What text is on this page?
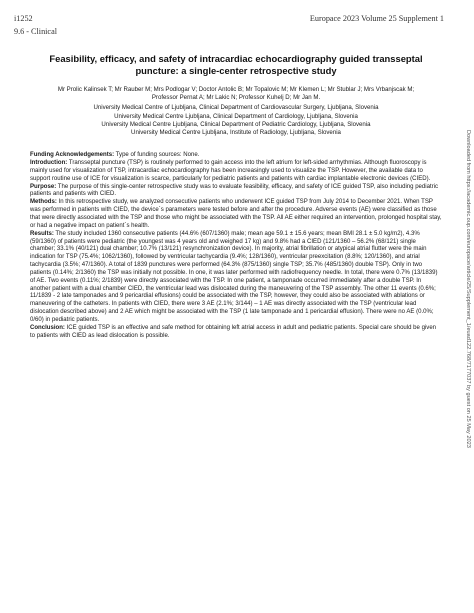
i1252	Europace 2023 Volume 25 Supplement 1
9.6 - Clinical
Feasibility, efficacy, and safety of intracardiac echocardiography guided transseptal
puncture: a single-center retrospective study
Mr Prolic Kalinsek T; Mr Rauber M; Mrs Podlogar V; Doctor Antolic B; Mr Topalovic M; Mr Klemen L; Mr Stublar J; Mrs Vrbanjscak M;
Professor Pernat A; Mr Lakic N; Professor Kuhelj D; Mr Jan M.
University Medical Centre of Ljubljana, Clinical Department of Cardiovascular Surgery, Ljubljana, Slovenia
University Medical Centre Ljubljana, Clinical Department of Cardiology, Ljubljana, Slovenia
University Medical Centre Ljubljana, Clinical Department of Pediatric Cardiology, Ljubljana, Slovenia
University Medical Centre Ljubljana, Institute of Radiology, Ljubljana, Slovenia

Funding Acknowledgements: Type of funding sources: None.

Introduction: Transseptal puncture (TSP) is routinely performed to gain access into the left atrium for left-sided arrhythmias. Although fluoroscopy is mainly used for visualization of TSP, intracardiac echocardiography has been increasingly used to visualize the TSP. However, the available data to support routine use of ICE for visualization is scarce, particularly for pediatric patients and patients with cardiac implantable electronic devices (CIED).

Purpose: The purpose of this single-center retrospective study was to evaluate feasibility, efficacy, and safety of ICE guided TSP, also including pediatric patients and patients with CIED.

Methods: In this retrospective study, we analyzed consecutive patients who underwent ICE guided TSP from July 2014 to December 2021. When TSP was performed in patients with CIED, the device´s parameters were tested before and after the procedure. Adverse events (AE) were classified as those that were directly associated with the TSP and those who might be associated with the TSP. All AE either required an intervention, prolonged hospital stay, or had a negative impact on patient´s health.

Results: The study included 1360 consecutive patients (44.6% (607/1360) male; mean age 59.1 ± 15.6 years; mean BMI 28.1 ± 5.0 kg/m2), 4.3% (59/1360) of patients were pediatric (the youngest was 4 years old and weighed 17 kg) and 9.8% had a CIED (121/1360 – 56.2% (68/121) single chamber; 33.1% (40/121) dual chamber; 10.7% (13/121) resynchronization device). In majority, atrial fibrillation or atypical atrial flutter were the main indication for TSP (75.4%; 1062/1360), followed by ventricular tachycardia (9.4%; 128/1360), ventricular preexcitation (8.8%; 120/1360), and atrial tachycardia (3.5%; 47/1360). A total of 1839 punctures were performed (64.3% (875/1360) single TSP; 35.7% (485/1360) double TSP). Only in two patients (0.14%; 2/1360) the TSP was initially not possible. In one, it was later performed with radiofrequency needle. In total, there were 0.7% (13/1839) of AE. Two events (0.11%; 2/1839) were directly associated with the TSP. In one patient, a tamponade occurred immediately after a double TSP. In another patient with a dual chamber CIED, the ventricular lead was dislocated during the maneuvering of the TSP assembly. The other 11 events (0.6%; 11/1839 - 2 late tamponades and 9 pericardial effusions) could be associated with the TSP, however, they could also be associated with ablations or maneuvering of the catheters. In patients with CIED, there were 3 AE (2.1%; 3/144) – 1 AE was directly associated with the TSP (ventricular lead dislocation described above) and 2 AE which might be associated with the TSP (1 late tamponade and 1 pericardial effusion). There were no AE (0.0%; 0/60) in pediatric patients.

Conclusion: ICE guided TSP is an effective and safe method for obtaining left atrial access in adult and pediatric patients. Special care should be given to patients with CIED as lead dislocation is possible.	Downloaded from https://academic.oup.com/europace/article/25/Supplement_1/euad122.768/7177037 by guest on 25 May 2023
